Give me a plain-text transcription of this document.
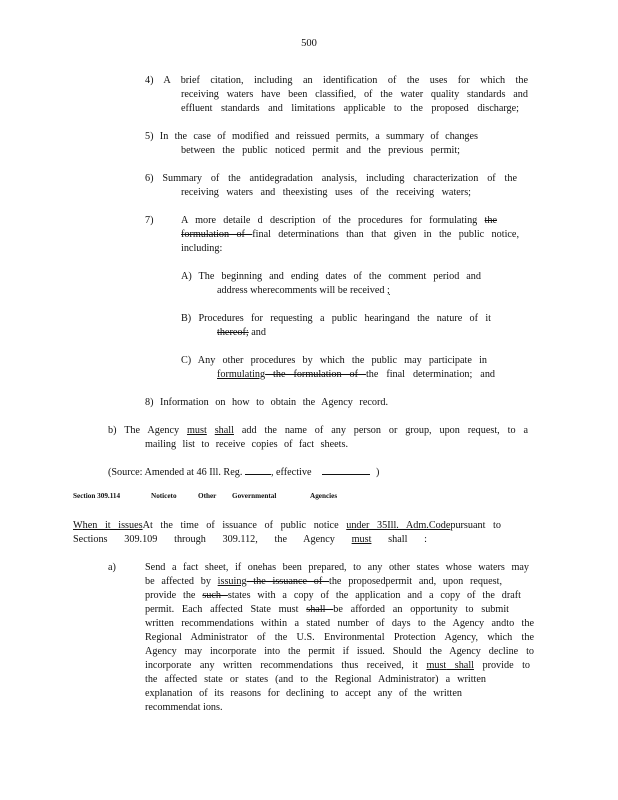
500
4) A brief citation, including an identification of the uses for which the
receiving waters have been classified, of the water quality standards and
effluent standards and limitations applicable to the proposed discharge;
5) In the case of modified and reissued permits, a summary of changes
between the public noticed permit and the previous permit;
6) Summary of the antidegradation analysis, including characterization of the
receiving waters and theexisting uses of the receiving waters;
7)	A more detaile d description of the procedures for formulating the
formulation of final determinations than that given in the public notice,
including:
A) The beginning and ending dates of the comment period and
address wherecomments will be received ;
B) Procedures for requesting a public hearingand the nature of it
thereof; and
C) Any other procedures by which the public may participate in
formulating the formulation of the final determination; and
8) Information on how to obtain the Agency record.
b) The Agency must shall add the name of any person or group, upon request, to a
mailing list to receive copies of fact sheets.
(Source: Amended at 46 Ill. Reg.	, effective	)
Section 309.114	Noticeto	Other Governmental	Agencies
When it issuesAt the time of issuance of public notice under 35Ill. Adm.Codepursuant to
Sections 309.109 through 309.112, the Agency must shall :
a)	Send a fact sheet, if onehas been prepared, to any other states whose waters may
be affected by issuing the issuance of the proposedpermit and, upon request,
provide the such states with a copy of the application and a copy of the draft
permit. Each affected State must shall be afforded an opportunity to submit
written recommendations within a stated number of days to the Agency andto the
Regional Administrator of the U.S. Environmental Protection Agency, which the
Agency may incorporate into the permit if issued. Should the Agency decline to
incorporate any written recommendations thus received, it must shall provide to
the affected state or states (and to the Regional Administrator) a written
explanation of its reasons for declining to accept any of the written
recommendat ions.
